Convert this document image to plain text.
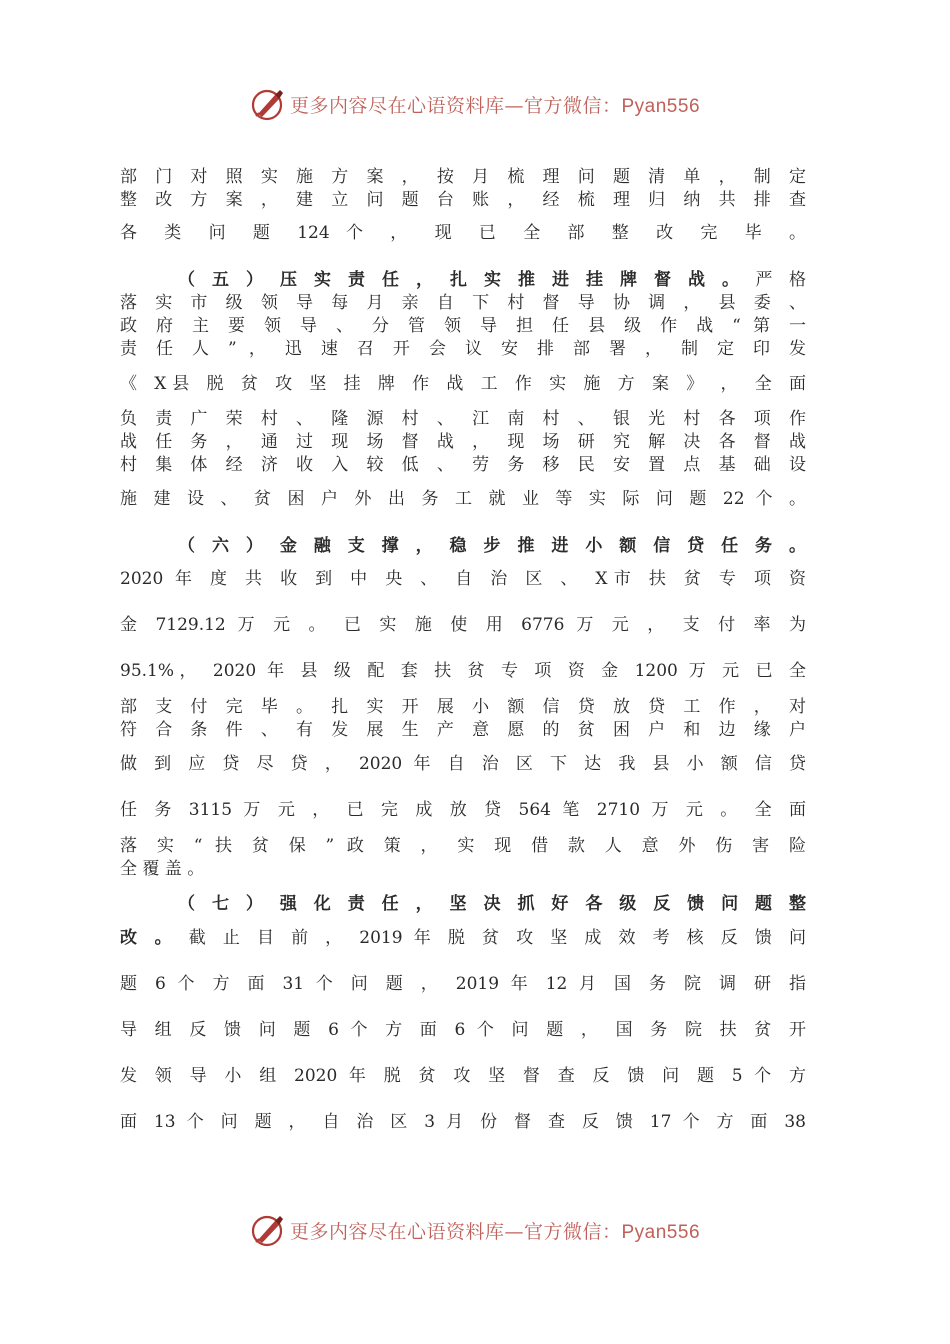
更多内容尽在心语资料库—官方微信：Pyan556
部 门 对 照 实 施 方 案 ， 按 月 梳 理 问 题 清 单 ， 制 定
整 改 方 案 ， 建 立 问 题 台 账 ， 经 梳 理 归 纳 共 排 查
各 类 问 题 124 个 ， 现 已 全 部 整 改 完 毕 。
（ 五 ） 压 实 责 任 ， 扎 实 推 进 挂 牌 督 战 。 严 格
落 实 市 级 领 导 每 月 亲 自 下 村 督 导 协 调 ， 县 委 、
政 府 主 要 领 导 、 分 管 领 导 担 任 县 级 作 战 “ 第 一
责 任 人 ” ， 迅 速 召 开 会 议 安 排 部 署 ， 制 定 印 发
《 X县 脱 贫 攻 坚 挂 牌 作 战 工 作 实 施 方 案 》 ， 全 面
负 责 广 荣 村 、 隆 源 村 、 江 南 村 、 银 光 村 各 项 作
战 任 务 ， 通 过 现 场 督 战 ， 现 场 研 究 解 决 各 督 战
村 集 体 经 济 收 入 较 低 、 劳 务 移 民 安 置 点 基 础 设
施 建 设 、 贫 困 户 外 出 务 工 就 业 等 实 际 问 题 22 个 。
（ 六 ） 金 融 支 撑 ， 稳 步 推 进 小 额 信 贷 任 务 。
2020 年 度 共 收 到 中 央 、 自 治 区 、 X市 扶 贫 专 项 资
金 7129.12 万 元 。 已 实 施 使 用 6776 万 元 ， 支 付 率 为
95.1%， 2020 年 县 级 配 套 扶 贫 专 项 资 金 1200 万 元 已 全
部 支 付 完 毕 。 扎 实 开 展 小 额 信 贷 放 贷 工 作 ， 对
符 合 条 件 、 有 发 展 生 产 意 愿 的 贫 困 户 和 边 缘 户
做 到 应 贷 尽 贷 ， 2020 年 自 治 区 下 达 我 县 小 额 信 贷
任 务 3115 万 元 ， 已 完 成 放 贷 564 笔 2710 万 元 。 全 面
落 实 “ 扶 贫 保 ” 政 策 ， 实 现 借 款 人 意 外 伤 害 险
全 覆 盖 。
（ 七 ） 强 化 责 任 ， 坚 决 抓 好 各 级 反 馈 问 题 整
改 。 截 止 目 前 ， 2019 年 脱 贫 攻 坚 成 效 考 核 反 馈 问
题 6 个 方 面 31 个 问 题 ， 2019 年 12 月 国 务 院 调 研 指
导 组 反 馈 问 题 6 个 方 面 6 个 问 题 ， 国 务 院 扶 贫 开
发 领 导 小 组 2020 年 脱 贫 攻 坚 督 查 反 馈 问 题 5 个 方
面 13 个 问 题 ， 自 治 区 3 月 份 督 查 反 馈 17 个 方 面 38
更多内容尽在心语资料库—官方微信：Pyan556
